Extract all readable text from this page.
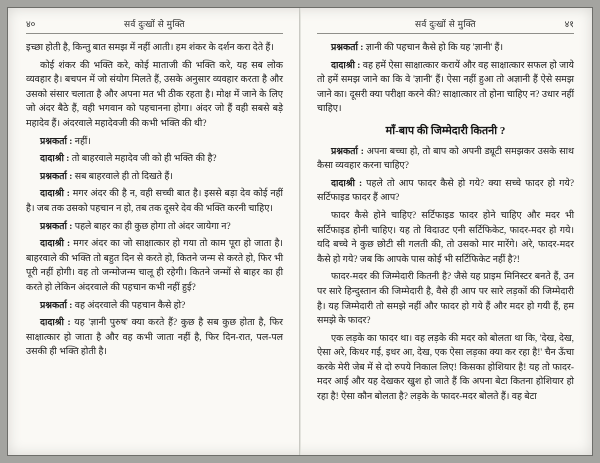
४०	सर्व दुःखों से मुक्ति

इच्छा होती है, किन्तु बात समझ में नहीं आती। हम शंकर के दर्शन करा देते हैं।

कोई शंकर की भक्ति करे, कोई माताजी की भक्ति करे, यह सब लोक व्यवहार है। बचपन में जो संयोग मिलते हैं, उसके अनुसार व्यवहार करता है और उसको संसार चलाता है और अपना मत भी ठीक रहता है। मोक्ष में जाने के लिए जो अंदर बैठे हैं, वही भगवान को पहचानना होगा। अंदर जो हैं वही सबसे बड़े महादेव हैं। अंदरवाले महादेवजी की कभी भक्ति की थी?

प्रश्नकर्ता : नहीं।

दादाश्री : तो बाहरवाले महादेव जी को ही भक्ति की है?

प्रश्नकर्ता : सब बाहरवाले ही तो दिखते हैं।

दादाश्री : मगर अंदर की है न, वही सच्ची बात है। इससे बड़ा देव कोई नहीं है। जब तक उसको पहचान न हो, तब तक दूसरे देव की भक्ति करनी चाहिए।

प्रश्नकर्ता : पहले बाहर का ही कुछ होगा तो अंदर जायेगा न?

दादाश्री : मगर अंदर का जो साक्षात्कार हो गया तो काम पूरा हो जाता है। बाहरवाले की भक्ति तो बहुत दिन से करते हो, कितने जन्म से करते हो, फिर भी पूरी नहीं होगी। वह तो जन्मोजन्म चालू ही रहेगी। कितने जन्मों से बाहर का ही करते हो लेकिन अंदरवाले की पहचान कभी नहीं हुई?

प्रश्नकर्ता : वह अंदरवाले की पहचान कैसे हो?

दादाश्री : यह 'ज्ञानी पुरुष' क्या करते हैं? कुछ है सब कुछ होता है, फिर साक्षात्कार हो जाता है और वह कभी जाता नहीं है, फिर दिन-रात, पल-पल उसकी ही भक्ति होती है।

सर्व दुःखों से मुक्ति	४१

प्रश्नकर्ता : ज्ञानी की पहचान कैसे हो कि यह 'ज्ञानी' हैं।

दादाश्री : वह हमें ऐसा साक्षात्कार करायें और वह साक्षात्कार सफल हो जाये तो हमें समझ जाने का कि वे 'ज्ञानी' हैं। ऐसा नहीं हुआ तो अज्ञानी हैं ऐसे समझ जाने का। दूसरी क्या परीक्षा करने की? साक्षात्कार तो होना चाहिए न? उधार नहीं चाहिए।

माँ-बाप की जिम्मेदारी कितनी ?

प्रश्नकर्ता : अपना बच्चा हो, तो बाप को अपनी ड्यूटी समझकर उसके साथ कैसा व्यवहार करना चाहिए?

दादाश्री : पहले तो आप फादर कैसे हो गये? क्या सच्चे फादर हो गये? सर्टिफाइड फादर हैं आप?

फादर कैसे होने चाहिए? सर्टिफाइड फादर होने चाहिए और मदर भी सर्टिफाइड होनी चाहिए। यह तो विदाउट एनी सर्टिफिकेट, फादर-मदर हो गये। यदि बच्चे ने कुछ छोटी सी गलती की, तो उसको मार मारेंगे। अरे, फादर-मदर कैसे हो गये? जब कि आपके पास कोई भी सर्टिफिकेट नहीं है?!

फादर-मदर की जिम्मेदारी कितनी है? जैसे यह प्राइम मिनिस्टर बनते हैं, उन पर सारे हिन्दुस्तान की जिम्मेदारी है, वैसे ही आप पर सारे लड़कों की जिम्मेदारी है। यह जिम्मेदारी तो समझे नहीं और फादर हो गये हैं और मदर हो गयी हैं, हम समझे के फादर?

एक लड़के का फादर था। वह लड़के की मदर को बोलता था कि, 'देख, देख, ऐसा अरे, किधर गई, इधर आ, देख, एक ऐसा लड़का क्या कर रहा है!' चैन ऊँचा करके मेरी जेब में से दो रुपये निकाल लिए! किसका होशियार है! यह तो फादर-मदर आई और यह देखकर खुश हो जाते हैं कि अपना बेटा कितना होशियार हो रहा है! ऐसा कौन बोलता है? लड़के के फादर-मदर बोलते हैं। वह बेटा
